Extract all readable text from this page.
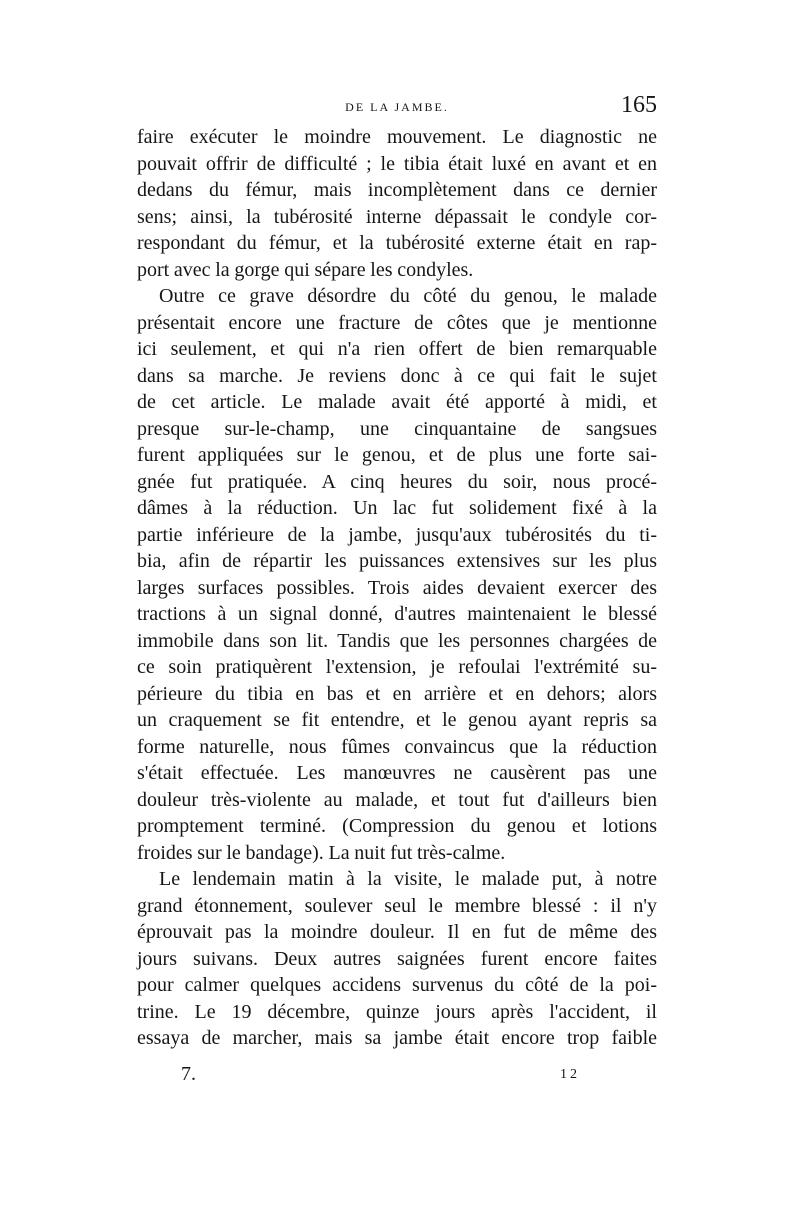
DE LA JAMBE.	165
faire exécuter le moindre mouvement. Le diagnostic ne
pouvait offrir de difficulté ; le tibia était luxé en avant et en
dedans du fémur, mais incomplètement dans ce dernier
sens; ainsi, la tubérosité interne dépassait le condyle cor-
respondant du fémur, et la tubérosité externe était en rap-
port avec la gorge qui sépare les condyles.
Outre ce grave désordre du côté du genou, le malade
présentait encore une fracture de côtes que je mentionne
ici seulement, et qui n'a rien offert de bien remarquable
dans sa marche. Je reviens donc à ce qui fait le sujet
de cet article. Le malade avait été apporté à midi, et
presque sur-le-champ, une cinquantaine de sangsues
furent appliquées sur le genou, et de plus une forte sai-
gnée fut pratiquée. A cinq heures du soir, nous procé-
dâmes à la réduction. Un lac fut solidement fixé à la
partie inférieure de la jambe, jusqu'aux tubérosités du ti-
bia, afin de répartir les puissances extensives sur les plus
larges surfaces possibles. Trois aides devaient exercer des
tractions à un signal donné, d'autres maintenaient le blessé
immobile dans son lit. Tandis que les personnes chargées de
ce soin pratiquèrent l'extension, je refoulai l'extrémité su-
périeure du tibia en bas et en arrière et en dehors; alors
un craquement se fit entendre, et le genou ayant repris sa
forme naturelle, nous fûmes convaincus que la réduction
s'était effectuée. Les manœuvres ne causèrent pas une
douleur très-violente au malade, et tout fut d'ailleurs bien
promptement terminé. (Compression du genou et lotions
froides sur le bandage). La nuit fut très-calme.
Le lendemain matin à la visite, le malade put, à notre
grand étonnement, soulever seul le membre blessé : il n'y
éprouvait pas la moindre douleur. Il en fut de même des
jours suivans. Deux autres saignées furent encore faites
pour calmer quelques accidens survenus du côté de la poi-
trine. Le 19 décembre, quinze jours après l'accident, il
essaya de marcher, mais sa jambe était encore trop faible
7.	12
